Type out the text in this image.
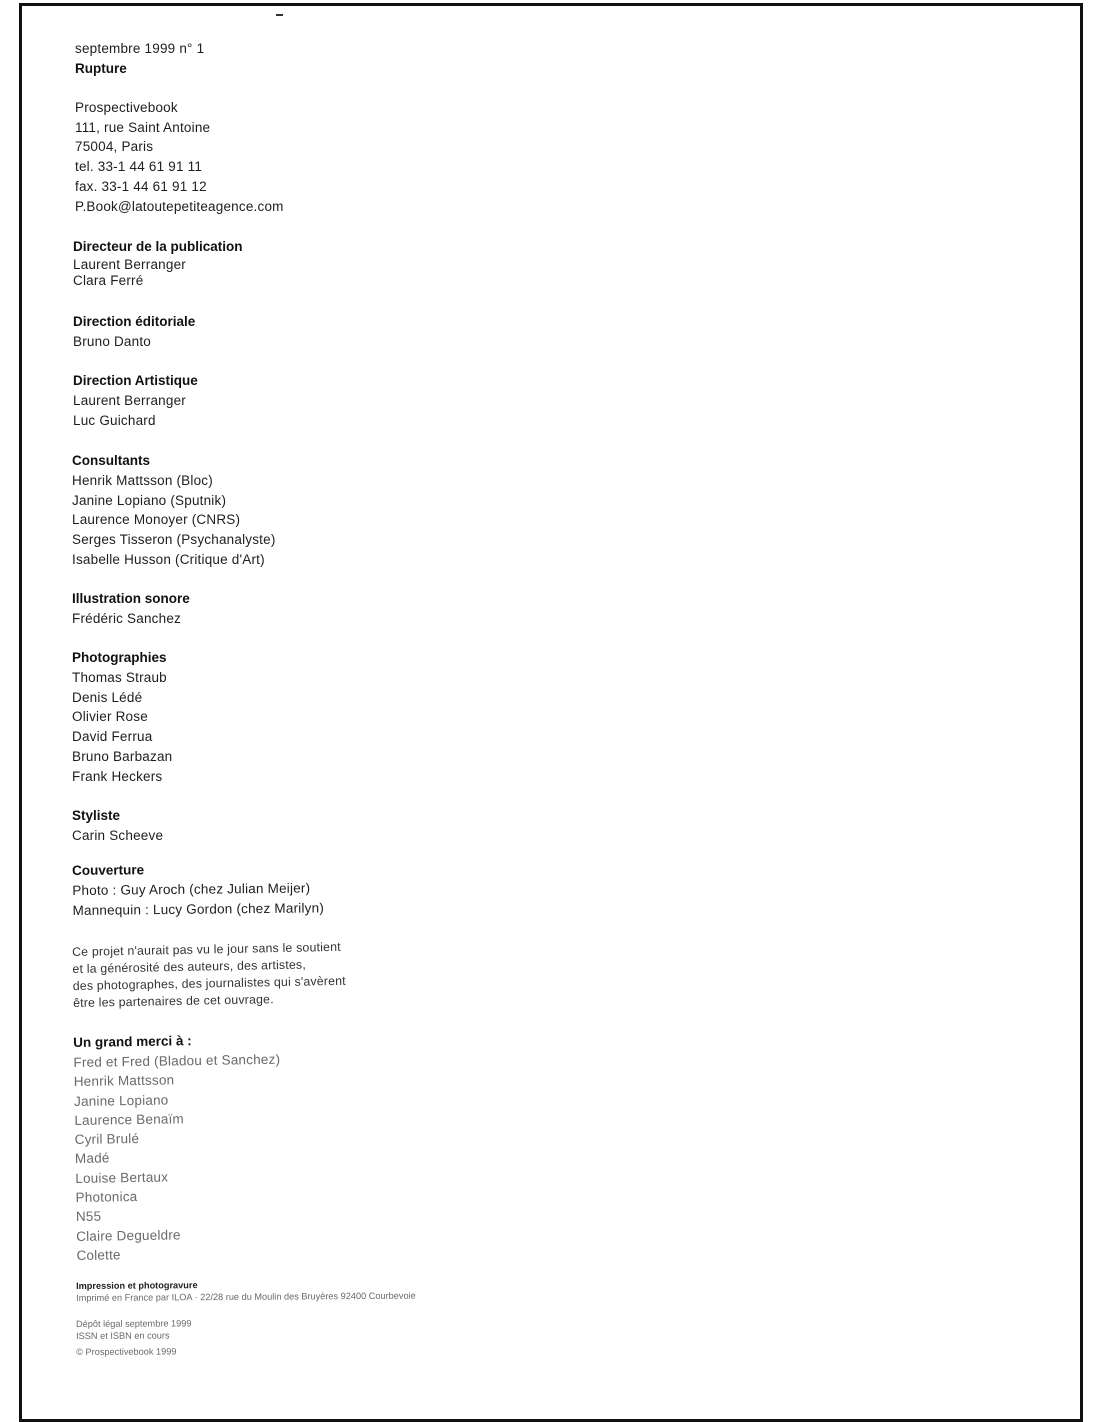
septembre 1999 n° 1
Rupture
Prospectivebook
111, rue Saint Antoine
75004, Paris
tel. 33-1 44 61 91 11
fax. 33-1 44 61 91 12
P.Book@latoutepetiteagence.com
Directeur de la publication
Laurent Berranger
Clara Ferré
Direction éditoriale
Bruno Danto
Direction Artistique
Laurent Berranger
Luc Guichard
Consultants
Henrik Mattsson (Bloc)
Janine Lopiano (Sputnik)
Laurence Monoyer (CNRS)
Serges Tisseron (Psychanalyste)
Isabelle Husson (Critique d'Art)
Illustration sonore
Frédéric Sanchez
Photographies
Thomas Straub
Denis Lédé
Olivier Rose
David Ferrua
Bruno Barbazan
Frank Heckers
Styliste
Carin Scheeve
Couverture
Photo : Guy Aroch (chez Julian Meijer)
Mannequin : Lucy Gordon (chez Marilyn)
Ce projet n'aurait pas vu le jour sans le soutient
et la générosité des auteurs, des artistes,
des photographes, des journalistes qui s'avèrent
être les partenaires de cet ouvrage.
Un grand merci à :
Fred et Fred (Bladou et Sanchez)
Henrik Mattsson
Janine Lopiano
Laurence Benaïm
Cyril Brulé
Madé
Louise Bertaux
Photonica
N55
Claire Degueldre
Colette
Impression et photogravure
Imprimé en France par ILOA · 22/28 rue du Moulin des Bruyères 92400 Courbevoie
Dépôt légal septembre 1999
ISSN et ISBN en cours
© Prospectivebook 1999
